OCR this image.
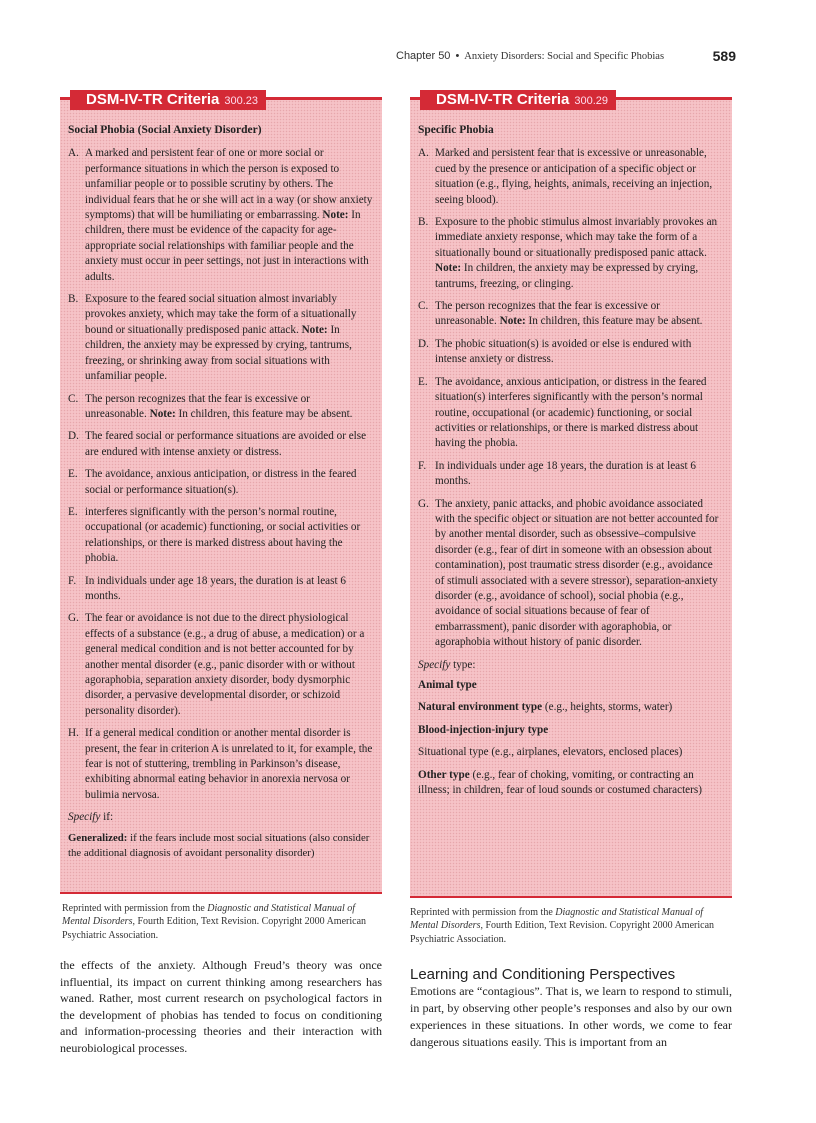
Chapter 50 • Anxiety Disorders: Social and Specific Phobias	589
DSM-IV-TR Criteria 300.23
Social Phobia (Social Anxiety Disorder)
A. A marked and persistent fear of one or more social or performance situations in which the person is exposed to unfamiliar people or to possible scrutiny by others. The individual fears that he or she will act in a way (or show anxiety symptoms) that will be humiliating or embarrassing. Note: In children, there must be evidence of the capacity for age-appropriate social relationships with familiar people and the anxiety must occur in peer settings, not just in interactions with adults.
B. Exposure to the feared social situation almost invariably provokes anxiety, which may take the form of a situationally bound or situationally predisposed panic attack. Note: In children, the anxiety may be expressed by crying, tantrums, freezing, or shrinking away from social situations with unfamiliar people.
C. The person recognizes that the fear is excessive or unreasonable. Note: In children, this feature may be absent.
D. The feared social or performance situations are avoided or else are endured with intense anxiety or distress.
E. The avoidance, anxious anticipation, or distress in the feared social or performance situation(s).
E. interferes significantly with the person’s normal routine, occupational (or academic) functioning, or social activities or relationships, or there is marked distress about having the phobia.
F. In individuals under age 18 years, the duration is at least 6 months.
G. The fear or avoidance is not due to the direct physiological effects of a substance (e.g., a drug of abuse, a medication) or a general medical condition and is not better accounted for by another mental disorder (e.g., panic disorder with or without agoraphobia, separation anxiety disorder, body dysmorphic disorder, a pervasive developmental disorder, or schizoid personality disorder).
H. If a general medical condition or another mental disorder is present, the fear in criterion A is unrelated to it, for example, the fear is not of stuttering, trembling in Parkinson’s disease, exhibiting abnormal eating behavior in anorexia nervosa or bulimia nervosa.
Specify if:
Generalized: if the fears include most social situations (also consider the additional diagnosis of avoidant personality disorder)
DSM-IV-TR Criteria 300.29
Specific Phobia
A. Marked and persistent fear that is excessive or unreasonable, cued by the presence or anticipation of a specific object or situation (e.g., flying, heights, animals, receiving an injection, seeing blood).
B. Exposure to the phobic stimulus almost invariably provokes an immediate anxiety response, which may take the form of a situationally bound or situationally predisposed panic attack. Note: In children, the anxiety may be expressed by crying, tantrums, freezing, or clinging.
C. The person recognizes that the fear is excessive or unreasonable. Note: In children, this feature may be absent.
D. The phobic situation(s) is avoided or else is endured with intense anxiety or distress.
E. The avoidance, anxious anticipation, or distress in the feared situation(s) interferes significantly with the person’s normal routine, occupational (or academic) functioning, or social activities or relationships, or there is marked distress about having the phobia.
F. In individuals under age 18 years, the duration is at least 6 months.
G. The anxiety, panic attacks, and phobic avoidance associated with the specific object or situation are not better accounted for by another mental disorder, such as obsessive–compulsive disorder (e.g., fear of dirt in someone with an obsession about contamination), post traumatic stress disorder (e.g., avoidance of stimuli associated with a severe stressor), separation-anxiety disorder (e.g., avoidance of school), social phobia (e.g., avoidance of social situations because of fear of embarrassment), panic disorder with agoraphobia, or agoraphobia without history of panic disorder.
Specify type:
Animal type
Natural environment type (e.g., heights, storms, water)
Blood-injection-injury type
Situational type (e.g., airplanes, elevators, enclosed places)
Other type (e.g., fear of choking, vomiting, or contracting an illness; in children, fear of loud sounds or costumed characters)
Reprinted with permission from the Diagnostic and Statistical Manual of Mental Disorders, Fourth Edition, Text Revision. Copyright 2000 American Psychiatric Association.
Reprinted with permission from the Diagnostic and Statistical Manual of Mental Disorders, Fourth Edition, Text Revision. Copyright 2000 American Psychiatric Association.
the effects of the anxiety. Although Freud’s theory was once influential, its impact on current thinking among researchers has waned. Rather, most current research on psychological factors in the development of phobias has tended to focus on conditioning and information-processing theories and their interaction with neurobiological processes.
Learning and Conditioning Perspectives
Emotions are “contagious”. That is, we learn to respond to stimuli, in part, by observing other people’s responses and also by our own experiences in these situations. In other words, we come to fear dangerous situations easily. This is important from an
